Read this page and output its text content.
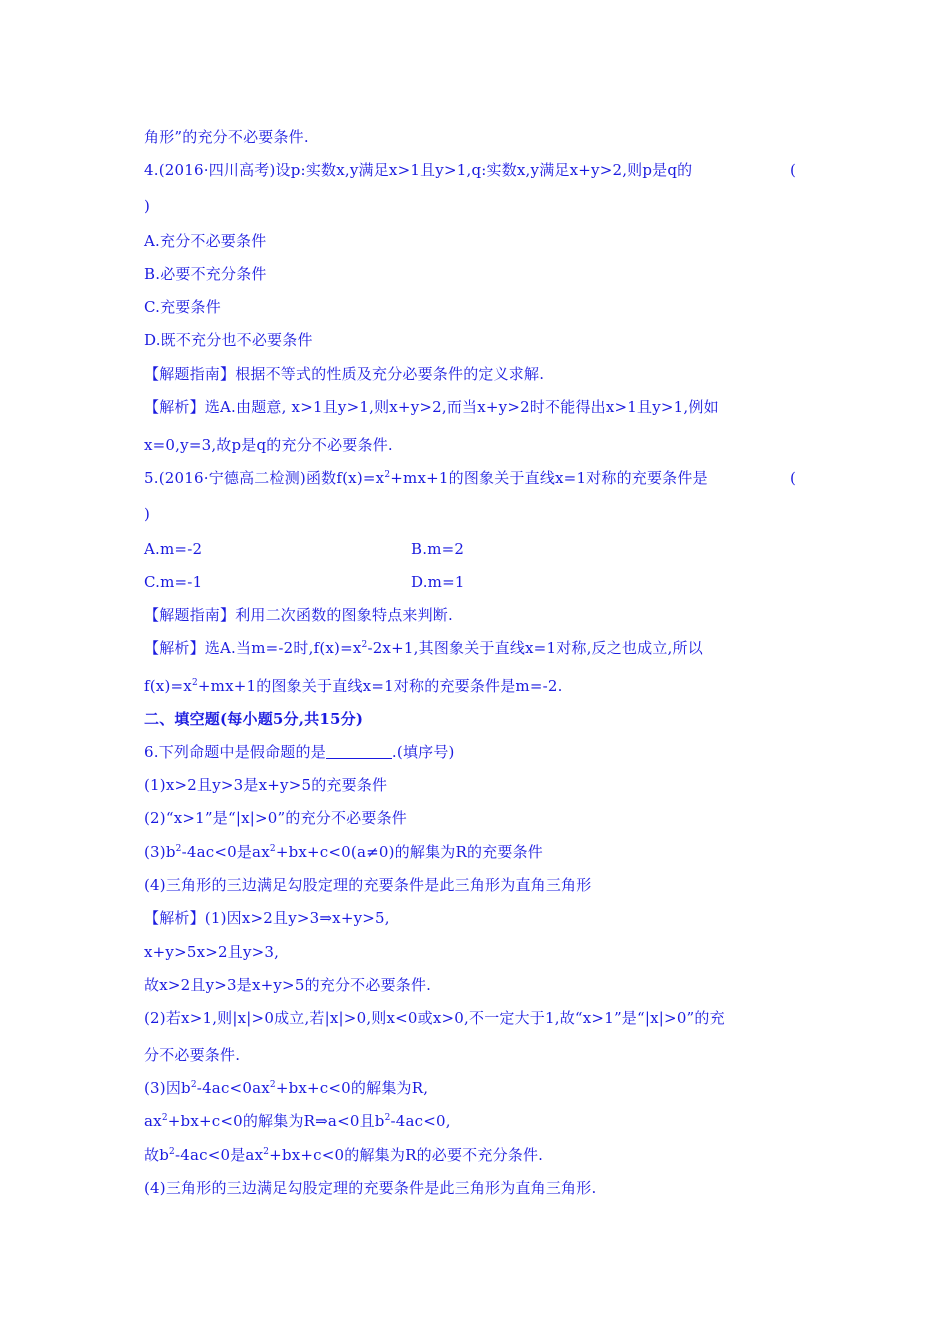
角形”的充分不必要条件.
4.(2016·四川高考)设p:实数x,y满足x>1且y>1,q:实数x,y满足x+y>2,则p是q的	(
)
A.充分不必要条件
B.必要不充分条件
C.充要条件
D.既不充分也不必要条件
【解题指南】根据不等式的性质及充分必要条件的定义求解.
【解析】选A.由题意, x>1且y>1,则x+y>2,而当x+y>2时不能得出x>1且y>1,例如
x=0,y=3,故p是q的充分不必要条件.
5.(2016·宁德高二检测)函数$f(x)=x^2+mx+1$的图象关于直线x=1对称的充要条件是	(
)
A.m=-2	B.m=2
C.m=-1	D.m=1
【解题指南】利用二次函数的图象特点来判断.
【解析】选A.当m=-2时$,f(x)=x^2-2x+1$,其图象关于直线x=1对称,反之也成立,所以
$f(x)=x^2+mx+1$的图象关于直线x=1对称的充要条件是m=-2.
二、填空题(每小题5分,共15分)
6.下列命题中是假命题的是	.(填序号)
(1)x>2且y>3是x+y>5的充要条件
(2)“x>1”是“|x|>0”的充分不必要条件
$(3)b^2-4ac<0$是$ax^2+bx+c<0(a\ne 0)$的解集为R的充要条件
(4)三角形的三边满足勾股定理的充要条件是此三角形为直角三角形
【解析】(1)因x>2且y>3⇒x+y>5,
x+y>5x>2且y>3,
故x>2且y>3是x+y>5的充分不必要条件.
(2)若x>1,则|x|>0成立,若|x|>0,则x<0或x>0,不一定大于1,故“x>1”是“|x|>0”的充
分不必要条件.
(3)因$b^2-4ac<0ax^2+bx+c<0$的解集为R,
$ax^2+bx+c<0$的解集为R⇒a<0且$b^2-4ac<0$,
故$b^2-4ac<0$是$ax^2+bx+c<0$的解集为R的必要不充分条件.
(4)三角形的三边满足勾股定理的充要条件是此三角形为直角三角形.
